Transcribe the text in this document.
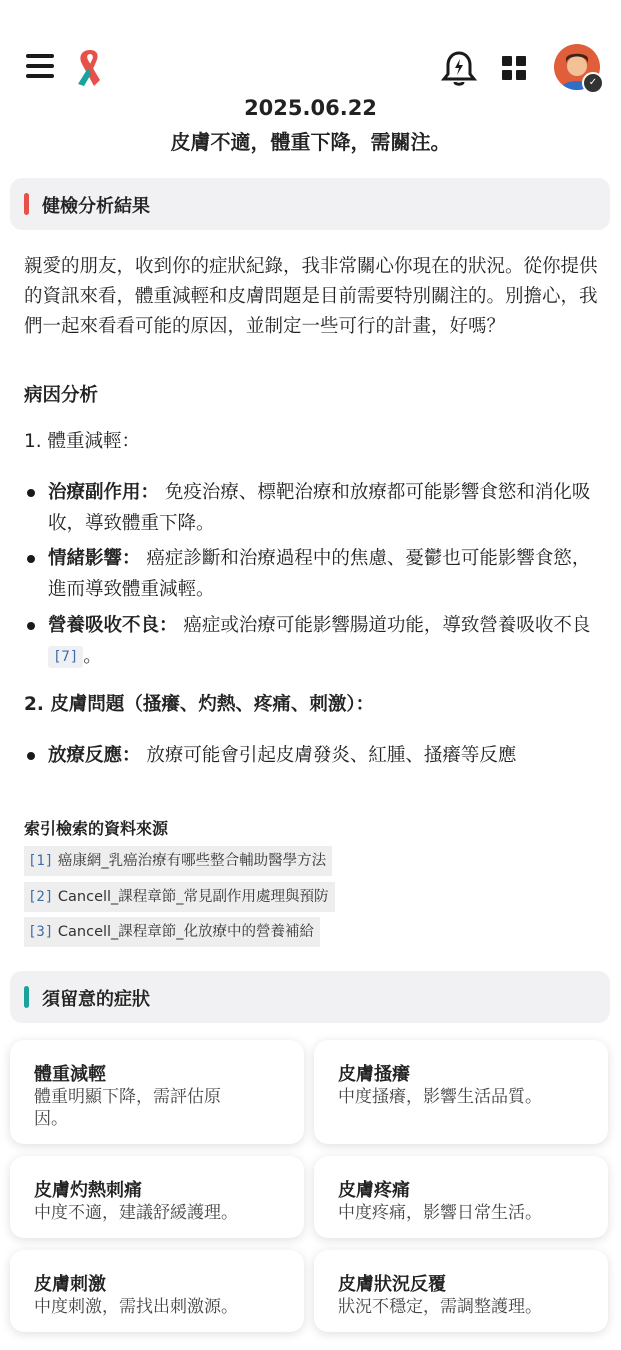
✓
2025.06.22
皮膚不適，體重下降，需關注。
健檢分析結果
親愛的朋友，收到你的症狀紀錄，我非常關心你現在的狀況。從你提供的資訊來看，體重減輕和皮膚問題是目前需要特別關注的。別擔心，我們一起來看看可能的原因，並制定一些可行的計畫，好嗎？
病因分析
1. 體重減輕：
治療副作用： 免疫治療、標靶治療和放療都可能影響食慾和消化吸收，導致體重下降。
情緒影響： 癌症診斷和治療過程中的焦慮、憂鬱也可能影響食慾，進而導致體重減輕。
營養吸收不良： 癌症或治療可能影響腸道功能，導致營養吸收不良 [7] 。
2. 皮膚問題（搔癢、灼熱、疼痛、刺激）：
放療反應： 放療可能會引起皮膚發炎、紅腫、搔癢等反應
索引檢索的資料來源
[1] 癌康網_乳癌治療有哪些整合輔助醫學方法
[2] Cancell_課程章節_常見副作用處理與預防
[3] Cancell_課程章節_化放療中的營養補給
須留意的症狀
體重減輕
體重明顯下降，需評估原因。
皮膚搔癢
中度搔癢，影響生活品質。
皮膚灼熱刺痛
中度不適，建議舒緩護理。
皮膚疼痛
中度疼痛，影響日常生活。
皮膚刺激
中度刺激，需找出刺激源。
皮膚狀況反覆
狀況不穩定，需調整護理。
